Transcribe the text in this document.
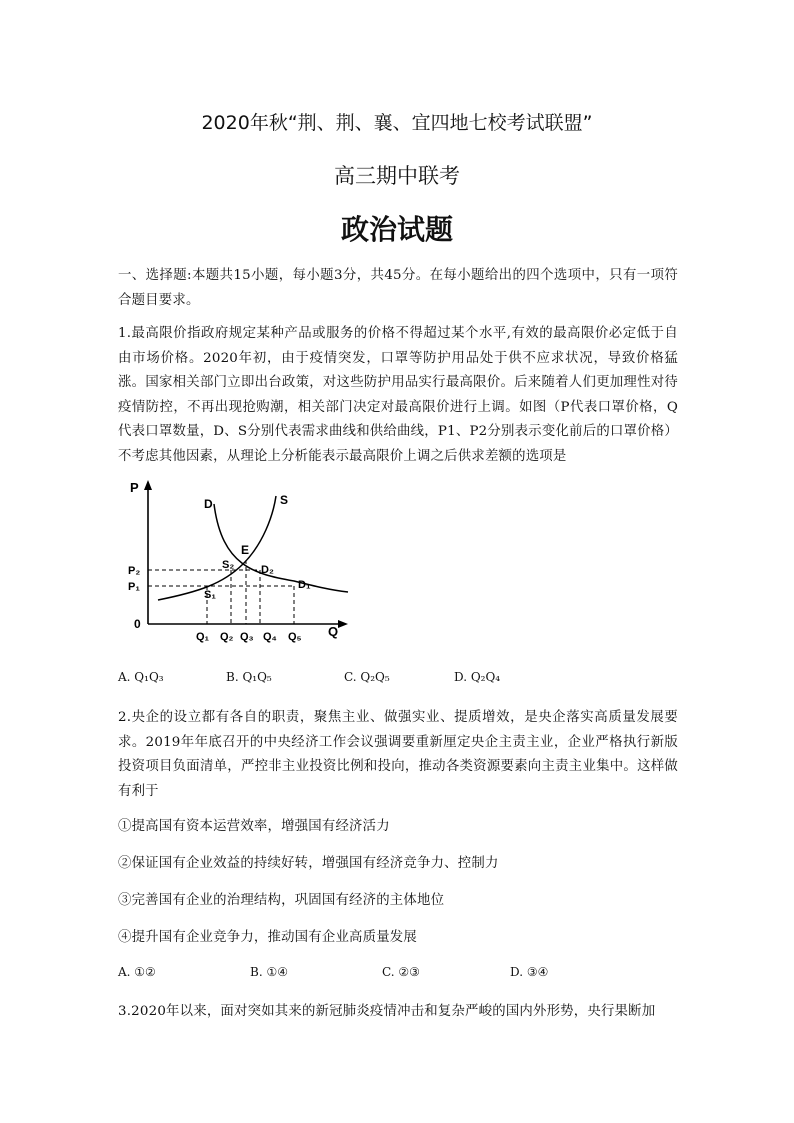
2020年秋“荆、荆、襄、宜四地七校考试联盟”
高三期中联考
政治试题
一、选择题:本题共15小题，每小题3分，共45分。在每小题给出的四个选项中，只有一项符合题目要求。
1.最高限价指政府规定某种产品或服务的价格不得超过某个水平,有效的最高限价必定低于自由市场价格。2020年初，由于疫情突发，口罩等防护用品处于供不应求状况，导致价格猛涨。国家相关部门立即出台政策，对这些防护用品实行最高限价。后来随着人们更加理性对待疫情防控，不再出现抢购潮，相关部门决定对最高限价进行上调。如图（P代表口罩价格，Q代表口罩数量，D、S分别代表需求曲线和供给曲线，P1、P2分别表示变化前后的口罩价格）不考虑其他因素，从理论上分析能表示最高限价上调之后供求差额的选项是
P
Q
0
D	S
E
S₂ D₂
S₁
D₁
P₂
P₁
Q₁ Q₂ Q₃ Q₄ Q₅
A. Q₁Q₃	B. Q₁Q₅	C. Q₂Q₅	D. Q₂Q₄
2.央企的设立都有各自的职责，聚焦主业、做强实业、提质增效，是央企落实高质量发展要求。2019年年底召开的中央经济工作会议强调要重新厘定央企主责主业，企业严格执行新版投资项目负面清单，严控非主业投资比例和投向，推动各类资源要素向主责主业集中。这样做有利于
①提高国有资本运营效率，增强国有经济活力
②保证国有企业效益的持续好转，增强国有经济竞争力、控制力
③完善国有企业的治理结构，巩固国有经济的主体地位
④提升国有企业竞争力，推动国有企业高质量发展
A. ①②	B. ①④	C. ②③	D. ③④
3.2020年以来，面对突如其来的新冠肺炎疫情冲击和复杂严峻的国内外形势，央行果断加
